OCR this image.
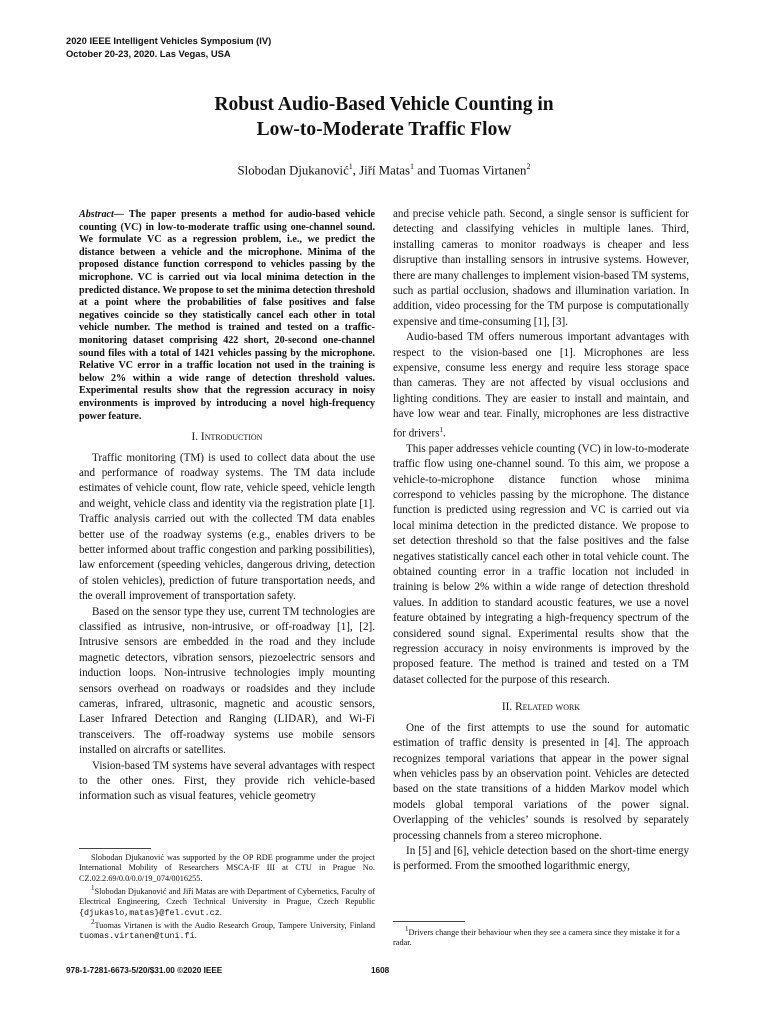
2020 IEEE Intelligent Vehicles Symposium (IV)
October 20-23, 2020. Las Vegas, USA
Robust Audio-Based Vehicle Counting in
Low-to-Moderate Traffic Flow
Slobodan Djukanović$^1$, Jiří Matas$^1$ and Tuomas Virtanen$^2$
Abstract— The paper presents a method for audio-based vehicle counting (VC) in low-to-moderate traffic using one-channel sound. We formulate VC as a regression problem, i.e., we predict the distance between a vehicle and the microphone. Minima of the proposed distance function correspond to vehicles passing by the microphone. VC is carried out via local minima detection in the predicted distance. We propose to set the minima detection threshold at a point where the probabilities of false positives and false negatives coincide so they statistically cancel each other in total vehicle number. The method is trained and tested on a traffic-monitoring dataset comprising 422 short, 20-second one-channel sound files with a total of 1421 vehicles passing by the microphone. Relative VC error in a traffic location not used in the training is below 2% within a wide range of detection threshold values. Experimental results show that the regression accuracy in noisy environments is improved by introducing a novel high-frequency power feature.
I. Introduction

Traffic monitoring (TM) is used to collect data about the use and performance of roadway systems. The TM data include estimates of vehicle count, flow rate, vehicle speed, vehicle length and weight, vehicle class and identity via the registration plate [1]. Traffic analysis carried out with the collected TM data enables better use of the roadway systems (e.g., enables drivers to be better informed about traffic congestion and parking possibilities), law enforcement (speeding vehicles, dangerous driving, detection of stolen vehicles), prediction of future transportation needs, and the overall improvement of transportation safety.

Based on the sensor type they use, current TM technologies are classified as intrusive, non-intrusive, or off-roadway [1], [2]. Intrusive sensors are embedded in the road and they include magnetic detectors, vibration sensors, piezoelectric sensors and induction loops. Non-intrusive technologies imply mounting sensors overhead on roadways or roadsides and they include cameras, infrared, ultrasonic, magnetic and acoustic sensors, Laser Infrared Detection and Ranging (LIDAR), and Wi-Fi transceivers. The off-roadway systems use mobile sensors installed on aircrafts or satellites.

Vision-based TM systems have several advantages with respect to the other ones. First, they provide rich vehicle-based information such as visual features, vehicle geometry

Slobodan Djukanović was supported by the OP RDE programme under the project International Mobility of Researchers MSCA-IF III at CTU in Prague No. CZ.02.2.69/0.0/0.0/19_074/0016255.
$^1$Slobodan Djukanović and Jiří Matas are with Department of Cybernetics, Faculty of Electrical Engineering, Czech Technical University in Prague, Czech Republic {djukaslo,matas}@fel.cvut.cz.
$^2$Tuomas Virtanen is with the Audio Research Group, Tampere University, Finland tuomas.virtanen@tuni.fi.

and precise vehicle path. Second, a single sensor is sufficient for detecting and classifying vehicles in multiple lanes. Third, installing cameras to monitor roadways is cheaper and less disruptive than installing sensors in intrusive systems. However, there are many challenges to implement vision-based TM systems, such as partial occlusion, shadows and illumination variation. In addition, video processing for the TM purpose is computationally expensive and time-consuming [1], [3].

Audio-based TM offers numerous important advantages with respect to the vision-based one [1]. Microphones are less expensive, consume less energy and require less storage space than cameras. They are not affected by visual occlusions and lighting conditions. They are easier to install and maintain, and have low wear and tear. Finally, microphones are less distractive for drivers$^1$.

This paper addresses vehicle counting (VC) in low-to-moderate traffic flow using one-channel sound. To this aim, we propose a vehicle-to-microphone distance function whose minima correspond to vehicles passing by the microphone. The distance function is predicted using regression and VC is carried out via local minima detection in the predicted distance. We propose to set detection threshold so that the false positives and the false negatives statistically cancel each other in total vehicle count. The obtained counting error in a traffic location not included in training is below 2% within a wide range of detection threshold values. In addition to standard acoustic features, we use a novel feature obtained by integrating a high-frequency spectrum of the considered sound signal. Experimental results show that the regression accuracy in noisy environments is improved by the proposed feature. The method is trained and tested on a TM dataset collected for the purpose of this research.

II. Related work

One of the first attempts to use the sound for automatic estimation of traffic density is presented in [4]. The approach recognizes temporal variations that appear in the power signal when vehicles pass by an observation point. Vehicles are detected based on the state transitions of a hidden Markov model which models global temporal variations of the power signal. Overlapping of the vehicles’ sounds is resolved by separately processing channels from a stereo microphone.

In [5] and [6], vehicle detection based on the short-time energy is performed. From the smoothed logarithmic energy,

$^1$Drivers change their behaviour when they see a camera since they mistake it for a radar.
978-1-7281-6673-5/20/$31.00 ©2020 IEEE	1608
